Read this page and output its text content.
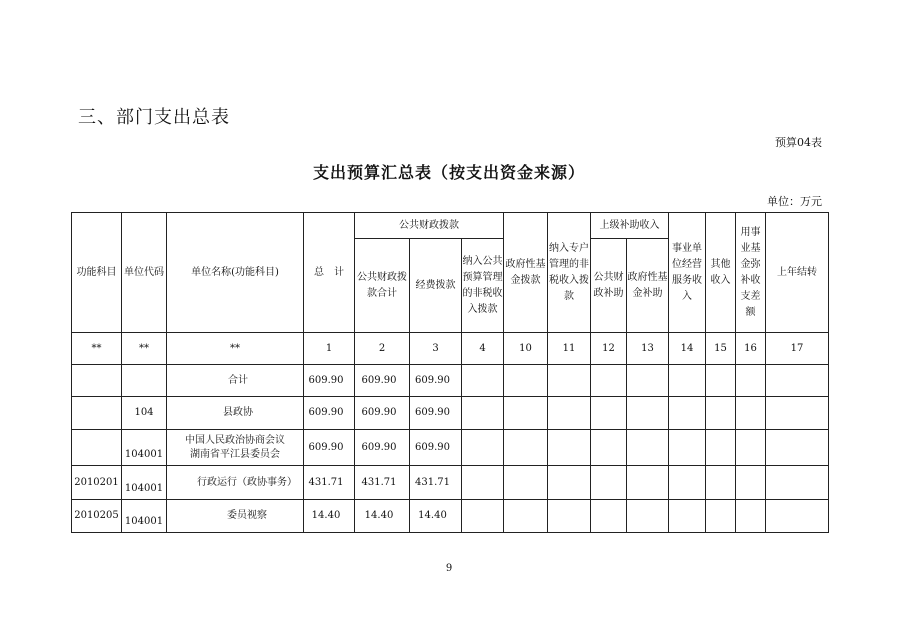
三、部门支出总表
预算04表
支出预算汇总表（按支出资金来源）
单位：万元
功能科目	单位代码	单位名称(功能科目)	总　计	公共财政拨款			政府性基金拨款	纳入专户管理的非税收入拨款	上级补助收入		事业单位经营服务收入	其他收入	用事业基金弥补收支差额	上年结转
				公共财政拨款合计	经费拨款	纳入公共预算管理的非税收入拨款			公共财政补助	政府性基金补助				
**	**	**	1	2	3	4	10	11	12	13	14	15	16	17
		合计	609.90	609.90	609.90									
	104	县政协	609.90	609.90	609.90									
	104001	中国人民政治协商会议
湖南省平江县委员会	609.90	609.90	609.90									
2010201	104001	行政运行（政协事务）	431.71	431.71	431.71									
2010205	104001	委员视察	14.40	14.40	14.40									
9
